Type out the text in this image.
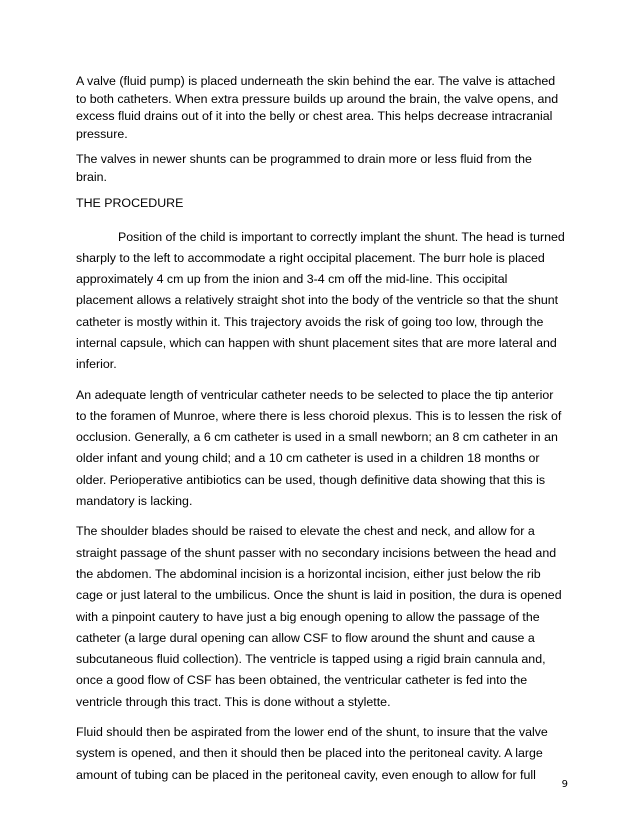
A valve (fluid pump) is placed underneath the skin behind the ear. The valve is attached to both catheters. When extra pressure builds up around the brain, the valve opens, and excess fluid drains out of it into the belly or chest area. This helps decrease intracranial pressure.

The valves in newer shunts can be programmed to drain more or less fluid from the brain.

THE PROCEDURE

Position of the child is important to correctly implant the shunt. The head is turned sharply to the left to accommodate a right occipital placement. The burr hole is placed approximately 4 cm up from the inion and 3-4 cm off the mid-line. This occipital placement allows a relatively straight shot into the body of the ventricle so that the shunt catheter is mostly within it. This trajectory avoids the risk of going too low, through the internal capsule, which can happen with shunt placement sites that are more lateral and inferior.

An adequate length of ventricular catheter needs to be selected to place the tip anterior to the foramen of Munroe, where there is less choroid plexus. This is to lessen the risk of occlusion. Generally, a 6 cm catheter is used in a small newborn; an 8 cm catheter in an older infant and young child; and a 10 cm catheter is used in a children 18 months or older. Perioperative antibiotics can be used, though definitive data showing that this is mandatory is lacking.

The shoulder blades should be raised to elevate the chest and neck, and allow for a straight passage of the shunt passer with no secondary incisions between the head and the abdomen. The abdominal incision is a horizontal incision, either just below the rib cage or just lateral to the umbilicus. Once the shunt is laid in position, the dura is opened with a pinpoint cautery to have just a big enough opening to allow the passage of the catheter (a large dural opening can allow CSF to flow around the shunt and cause a subcutaneous fluid collection). The ventricle is tapped using a rigid brain cannula and, once a good flow of CSF has been obtained, the ventricular catheter is fed into the ventricle through this tract. This is done without a stylette.

Fluid should then be aspirated from the lower end of the shunt, to insure that the valve system is opened, and then it should then be placed into the peritoneal cavity. A large amount of tubing can be placed in the peritoneal cavity, even enough to allow for full

9
